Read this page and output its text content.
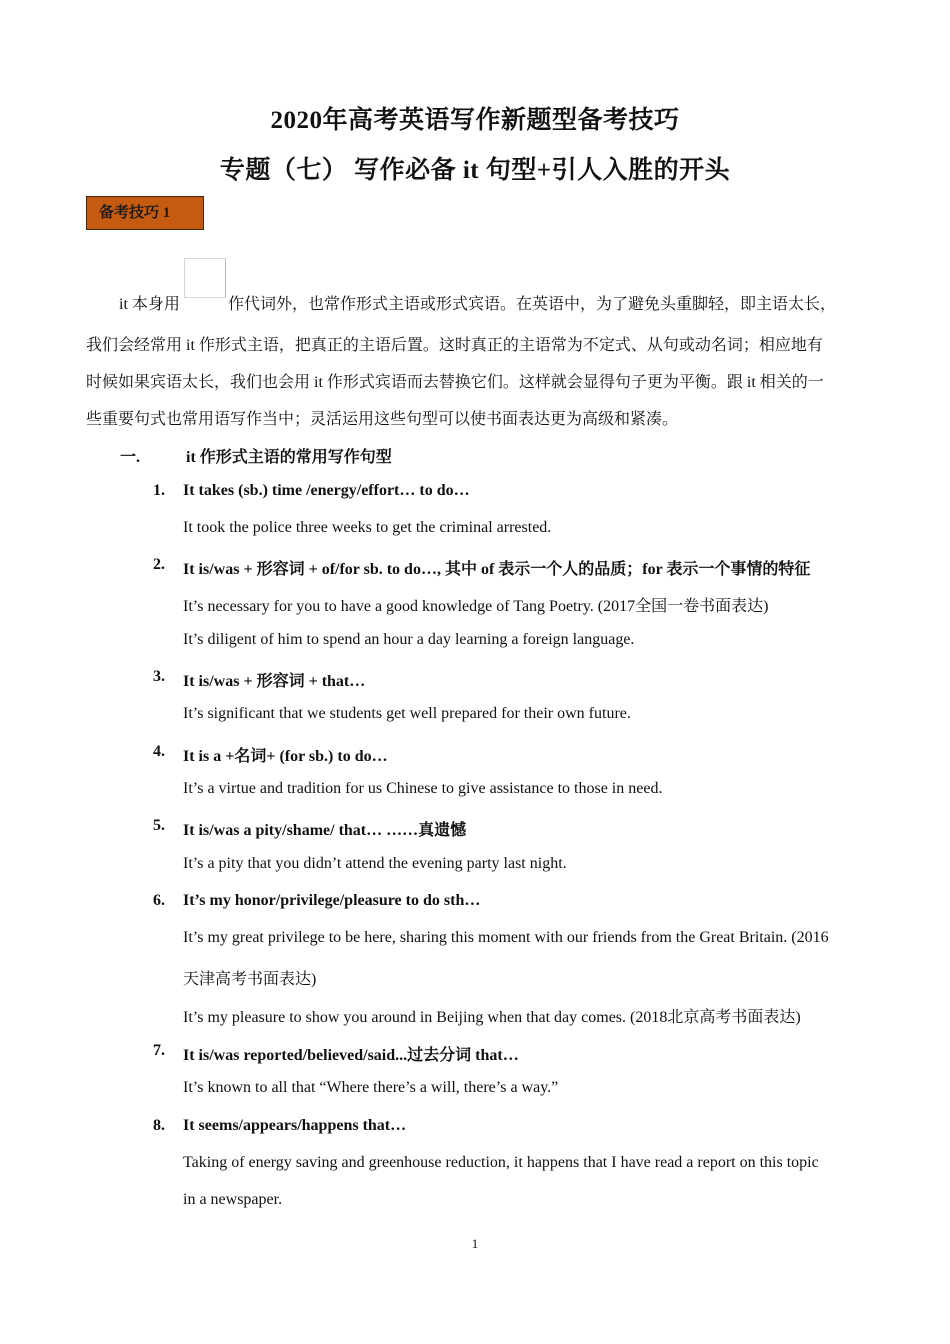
2020年高考英语写作新题型备考技巧
专题（七） 写作必备 it 句型+引人入胜的开头
备考技巧 1
it 本身用	作代词外，也常作形式主语或形式宾语。在英语中，为了避免头重脚轻，即主语太长，
我们会经常用 it 作形式主语，把真正的主语后置。这时真正的主语常为不定式、从句或动名词；相应地有
时候如果宾语太长，我们也会用 it 作形式宾语而去替换它们。这样就会显得句子更为平衡。跟 it 相关的一
些重要句式也常用语写作当中；灵活运用这些句型可以使书面表达更为高级和紧凑。
一.	it 作形式主语的常用写作句型
1. It takes (sb.) time /energy/effort… to do…
It took the police three weeks to get the criminal arrested.
2. It is/was + 形容词 + of/for sb. to do…, 其中 of 表示一个人的品质；for 表示一个事情的特征
It’s necessary for you to have a good knowledge of Tang Poetry. (2017全国一卷书面表达)
It’s diligent of him to spend an hour a day learning a foreign language.
3. It is/was + 形容词 + that…
It’s significant that we students get well prepared for their own future.
4. It is a +名词+ (for sb.) to do…
It’s a virtue and tradition for us Chinese to give assistance to those in need.
5. It is/was a pity/shame/ that… ……真遗憾
It’s a pity that you didn’t attend the evening party last night.
6. It’s my honor/privilege/pleasure to do sth…
It’s my great privilege to be here, sharing this moment with our friends from the Great Britain. (2016
天津高考书面表达)
It’s my pleasure to show you around in Beijing when that day comes. (2018北京高考书面表达)
7. It is/was reported/believed/said...过去分词 that…
It’s known to all that “Where there’s a will, there’s a way.”
8. It seems/appears/happens that…
Taking of energy saving and greenhouse reduction, it happens that I have read a report on this topic
in a newspaper.
1
